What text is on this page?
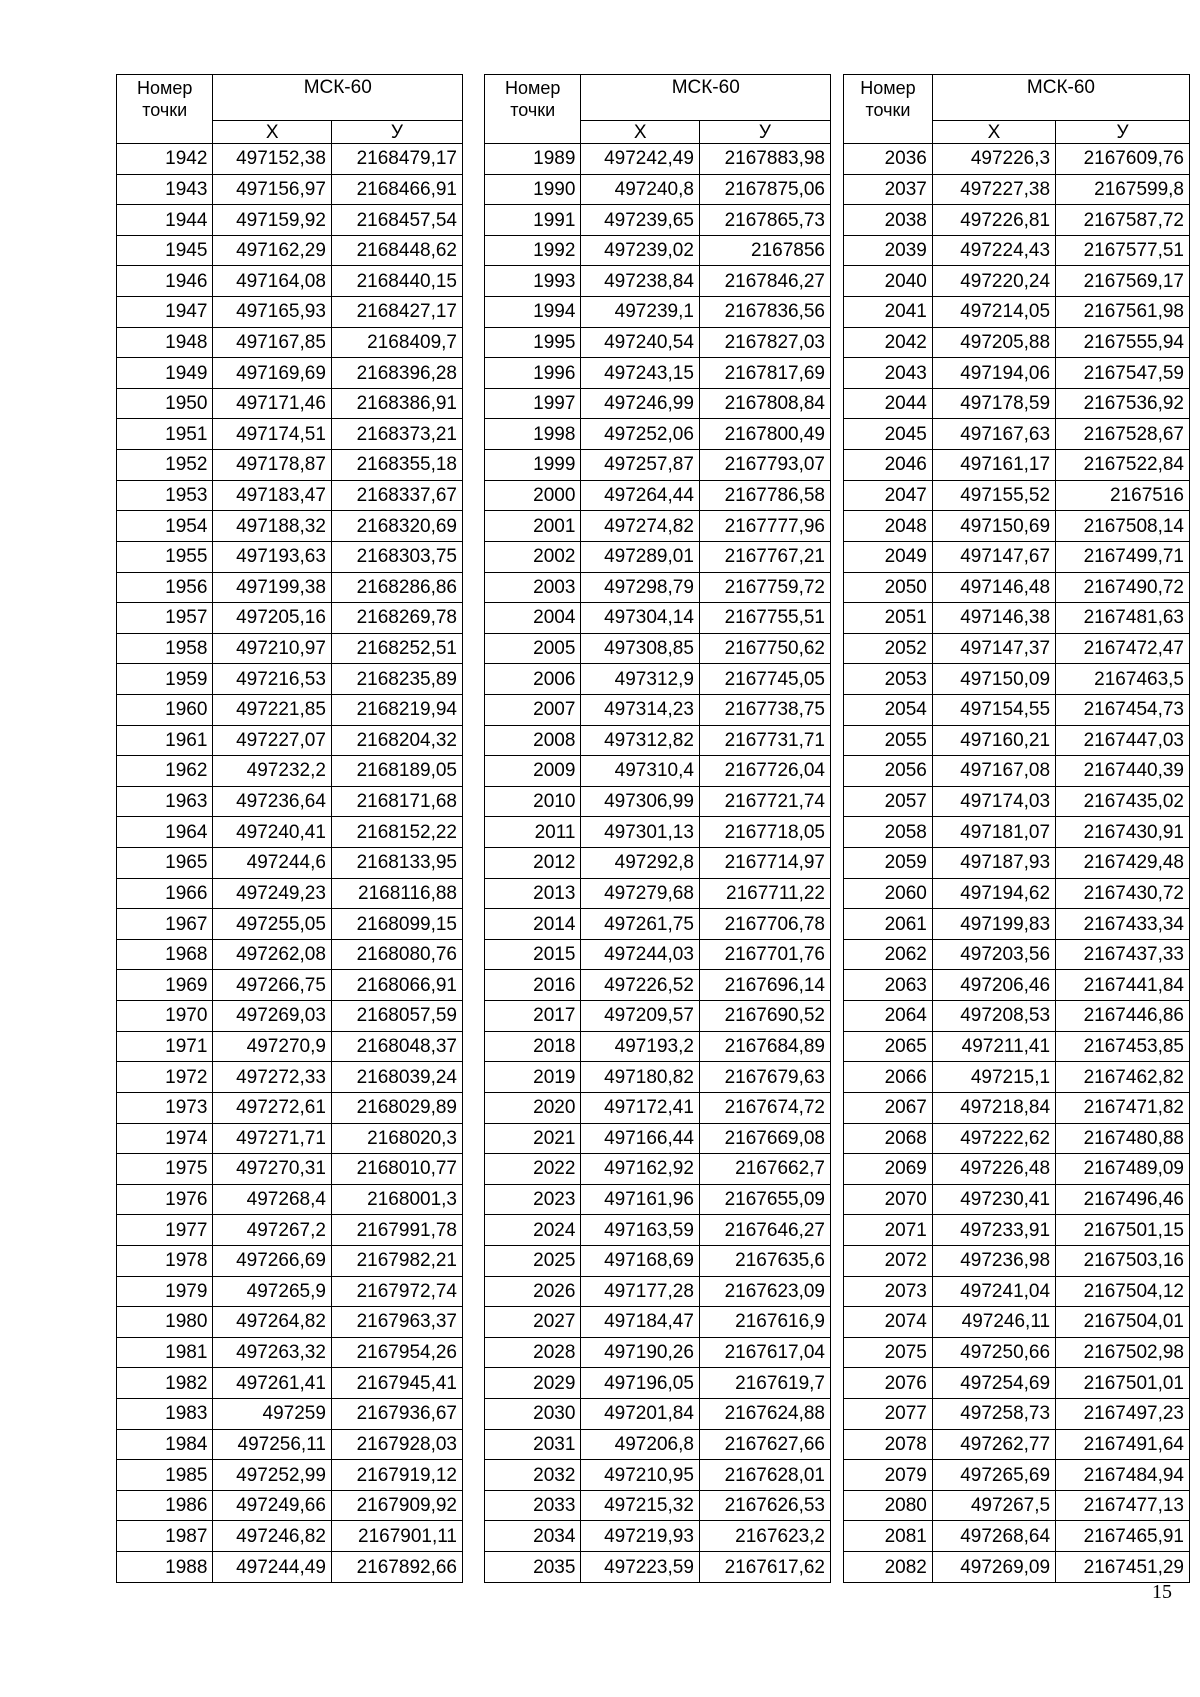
Номер точки	МСК-60	
	Х	У
1942	497152,38	2168479,17
1943	497156,97	2168466,91
1944	497159,92	2168457,54
1945	497162,29	2168448,62
1946	497164,08	2168440,15
1947	497165,93	2168427,17
1948	497167,85	2168409,7
1949	497169,69	2168396,28
1950	497171,46	2168386,91
1951	497174,51	2168373,21
1952	497178,87	2168355,18
1953	497183,47	2168337,67
1954	497188,32	2168320,69
1955	497193,63	2168303,75
1956	497199,38	2168286,86
1957	497205,16	2168269,78
1958	497210,97	2168252,51
1959	497216,53	2168235,89
1960	497221,85	2168219,94
1961	497227,07	2168204,32
1962	497232,2	2168189,05
1963	497236,64	2168171,68
1964	497240,41	2168152,22
1965	497244,6	2168133,95
1966	497249,23	2168116,88
1967	497255,05	2168099,15
1968	497262,08	2168080,76
1969	497266,75	2168066,91
1970	497269,03	2168057,59
1971	497270,9	2168048,37
1972	497272,33	2168039,24
1973	497272,61	2168029,89
1974	497271,71	2168020,3
1975	497270,31	2168010,77
1976	497268,4	2168001,3
1977	497267,2	2167991,78
1978	497266,69	2167982,21
1979	497265,9	2167972,74
1980	497264,82	2167963,37
1981	497263,32	2167954,26
1982	497261,41	2167945,41
1983	497259	2167936,67
1984	497256,11	2167928,03
1985	497252,99	2167919,12
1986	497249,66	2167909,92
1987	497246,82	2167901,11
1988	497244,49	2167892,66
Номер точки	МСК-60	
	Х	У
1989	497242,49	2167883,98
1990	497240,8	2167875,06
1991	497239,65	2167865,73
1992	497239,02	2167856
1993	497238,84	2167846,27
1994	497239,1	2167836,56
1995	497240,54	2167827,03
1996	497243,15	2167817,69
1997	497246,99	2167808,84
1998	497252,06	2167800,49
1999	497257,87	2167793,07
2000	497264,44	2167786,58
2001	497274,82	2167777,96
2002	497289,01	2167767,21
2003	497298,79	2167759,72
2004	497304,14	2167755,51
2005	497308,85	2167750,62
2006	497312,9	2167745,05
2007	497314,23	2167738,75
2008	497312,82	2167731,71
2009	497310,4	2167726,04
2010	497306,99	2167721,74
2011	497301,13	2167718,05
2012	497292,8	2167714,97
2013	497279,68	2167711,22
2014	497261,75	2167706,78
2015	497244,03	2167701,76
2016	497226,52	2167696,14
2017	497209,57	2167690,52
2018	497193,2	2167684,89
2019	497180,82	2167679,63
2020	497172,41	2167674,72
2021	497166,44	2167669,08
2022	497162,92	2167662,7
2023	497161,96	2167655,09
2024	497163,59	2167646,27
2025	497168,69	2167635,6
2026	497177,28	2167623,09
2027	497184,47	2167616,9
2028	497190,26	2167617,04
2029	497196,05	2167619,7
2030	497201,84	2167624,88
2031	497206,8	2167627,66
2032	497210,95	2167628,01
2033	497215,32	2167626,53
2034	497219,93	2167623,2
2035	497223,59	2167617,62
Номер точки	МСК-60	
	Х	У
2036	497226,3	2167609,76
2037	497227,38	2167599,8
2038	497226,81	2167587,72
2039	497224,43	2167577,51
2040	497220,24	2167569,17
2041	497214,05	2167561,98
2042	497205,88	2167555,94
2043	497194,06	2167547,59
2044	497178,59	2167536,92
2045	497167,63	2167528,67
2046	497161,17	2167522,84
2047	497155,52	2167516
2048	497150,69	2167508,14
2049	497147,67	2167499,71
2050	497146,48	2167490,72
2051	497146,38	2167481,63
2052	497147,37	2167472,47
2053	497150,09	2167463,5
2054	497154,55	2167454,73
2055	497160,21	2167447,03
2056	497167,08	2167440,39
2057	497174,03	2167435,02
2058	497181,07	2167430,91
2059	497187,93	2167429,48
2060	497194,62	2167430,72
2061	497199,83	2167433,34
2062	497203,56	2167437,33
2063	497206,46	2167441,84
2064	497208,53	2167446,86
2065	497211,41	2167453,85
2066	497215,1	2167462,82
2067	497218,84	2167471,82
2068	497222,62	2167480,88
2069	497226,48	2167489,09
2070	497230,41	2167496,46
2071	497233,91	2167501,15
2072	497236,98	2167503,16
2073	497241,04	2167504,12
2074	497246,11	2167504,01
2075	497250,66	2167502,98
2076	497254,69	2167501,01
2077	497258,73	2167497,23
2078	497262,77	2167491,64
2079	497265,69	2167484,94
2080	497267,5	2167477,13
2081	497268,64	2167465,91
2082	497269,09	2167451,29
15
